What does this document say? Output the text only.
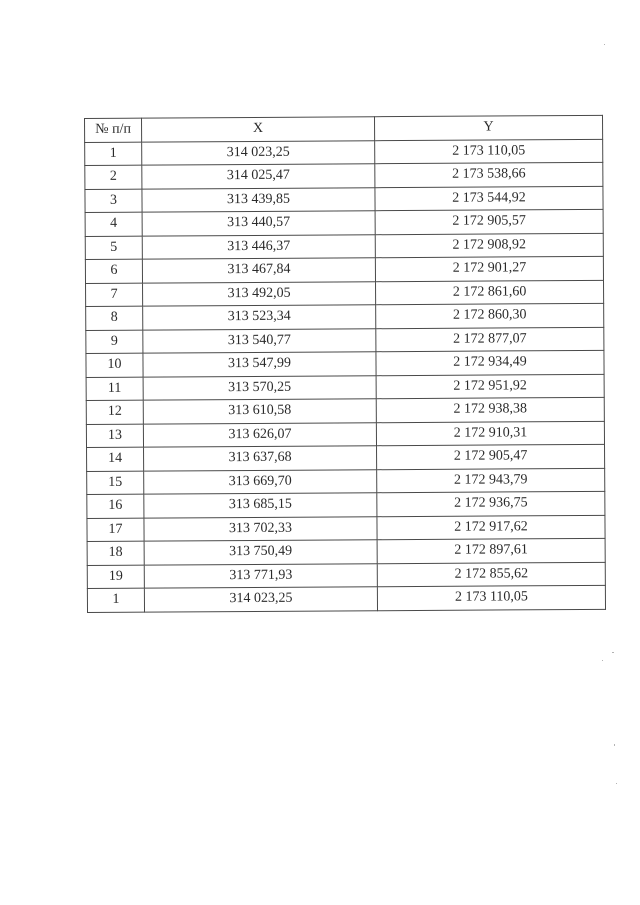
№ п/п	X	Y
1	314 023,25	2 173 110,05
2	314 025,47	2 173 538,66
3	313 439,85	2 173 544,92
4	313 440,57	2 172 905,57
5	313 446,37	2 172 908,92
6	313 467,84	2 172 901,27
7	313 492,05	2 172 861,60
8	313 523,34	2 172 860,30
9	313 540,77	2 172 877,07
10	313 547,99	2 172 934,49
11	313 570,25	2 172 951,92
12	313 610,58	2 172 938,38
13	313 626,07	2 172 910,31
14	313 637,68	2 172 905,47
15	313 669,70	2 172 943,79
16	313 685,15	2 172 936,75
17	313 702,33	2 172 917,62
18	313 750,49	2 172 897,61
19	313 771,93	2 172 855,62
1	314 023,25	2 173 110,05
